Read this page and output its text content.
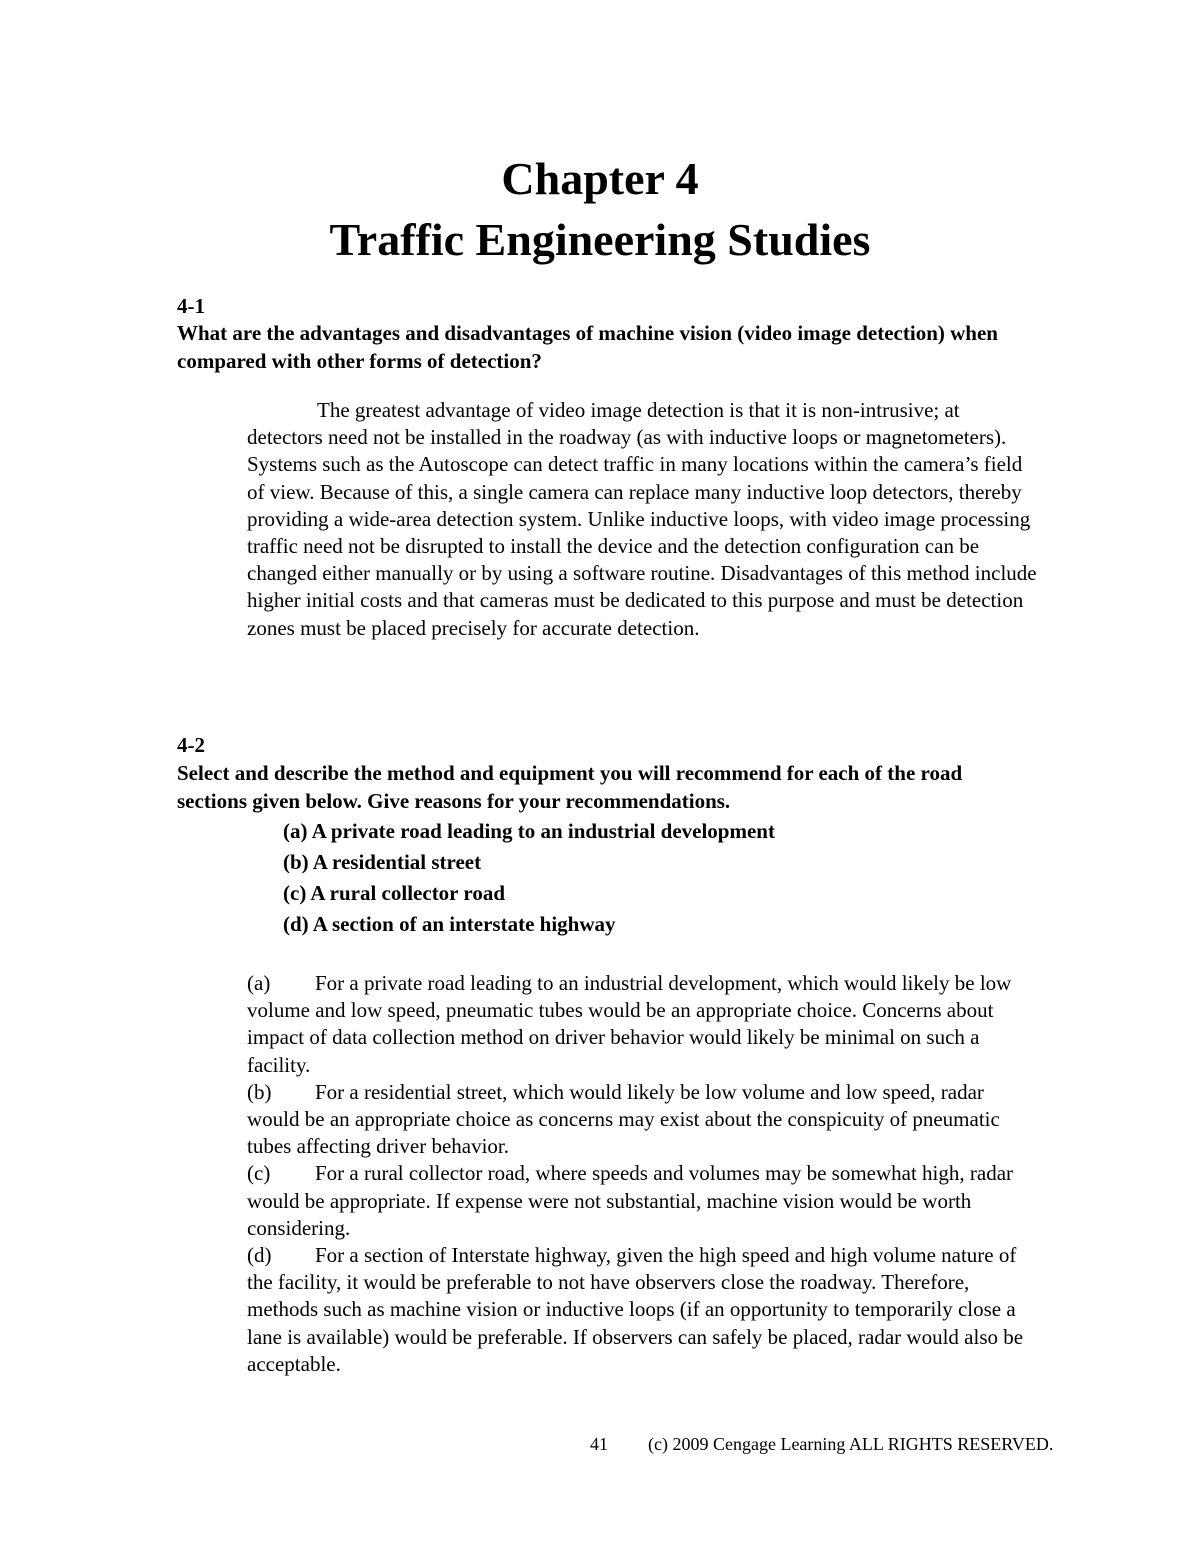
Chapter 4
Traffic Engineering Studies
4-1
What are the advantages and disadvantages of machine vision (video image detection) when compared with other forms of detection?
The greatest advantage of video image detection is that it is non-intrusive; at detectors need not be installed in the roadway (as with inductive loops or magnetometers). Systems such as the Autoscope can detect traffic in many locations within the camera’s field of view. Because of this, a single camera can replace many inductive loop detectors, thereby providing a wide-area detection system. Unlike inductive loops, with video image processing traffic need not be disrupted to install the device and the detection configuration can be changed either manually or by using a software routine. Disadvantages of this method include higher initial costs and that cameras must be dedicated to this purpose and must be detection zones must be placed precisely for accurate detection.
4-2
Select and describe the method and equipment you will recommend for each of the road sections given below. Give reasons for your recommendations.
(a) A private road leading to an industrial development
(b) A residential street
(c) A rural collector road
(d) A section of an interstate highway
(a) For a private road leading to an industrial development, which would likely be low volume and low speed, pneumatic tubes would be an appropriate choice. Concerns about impact of data collection method on driver behavior would likely be minimal on such a facility.
(b) For a residential street, which would likely be low volume and low speed, radar would be an appropriate choice as concerns may exist about the conspicuity of pneumatic tubes affecting driver behavior.
(c) For a rural collector road, where speeds and volumes may be somewhat high, radar would be appropriate. If expense were not substantial, machine vision would be worth considering.
(d) For a section of Interstate highway, given the high speed and high volume nature of the facility, it would be preferable to not have observers close the roadway. Therefore, methods such as machine vision or inductive loops (if an opportunity to temporarily close a lane is available) would be preferable. If observers can safely be placed, radar would also be acceptable.
41 (c) 2009 Cengage Learning ALL RIGHTS RESERVED.
